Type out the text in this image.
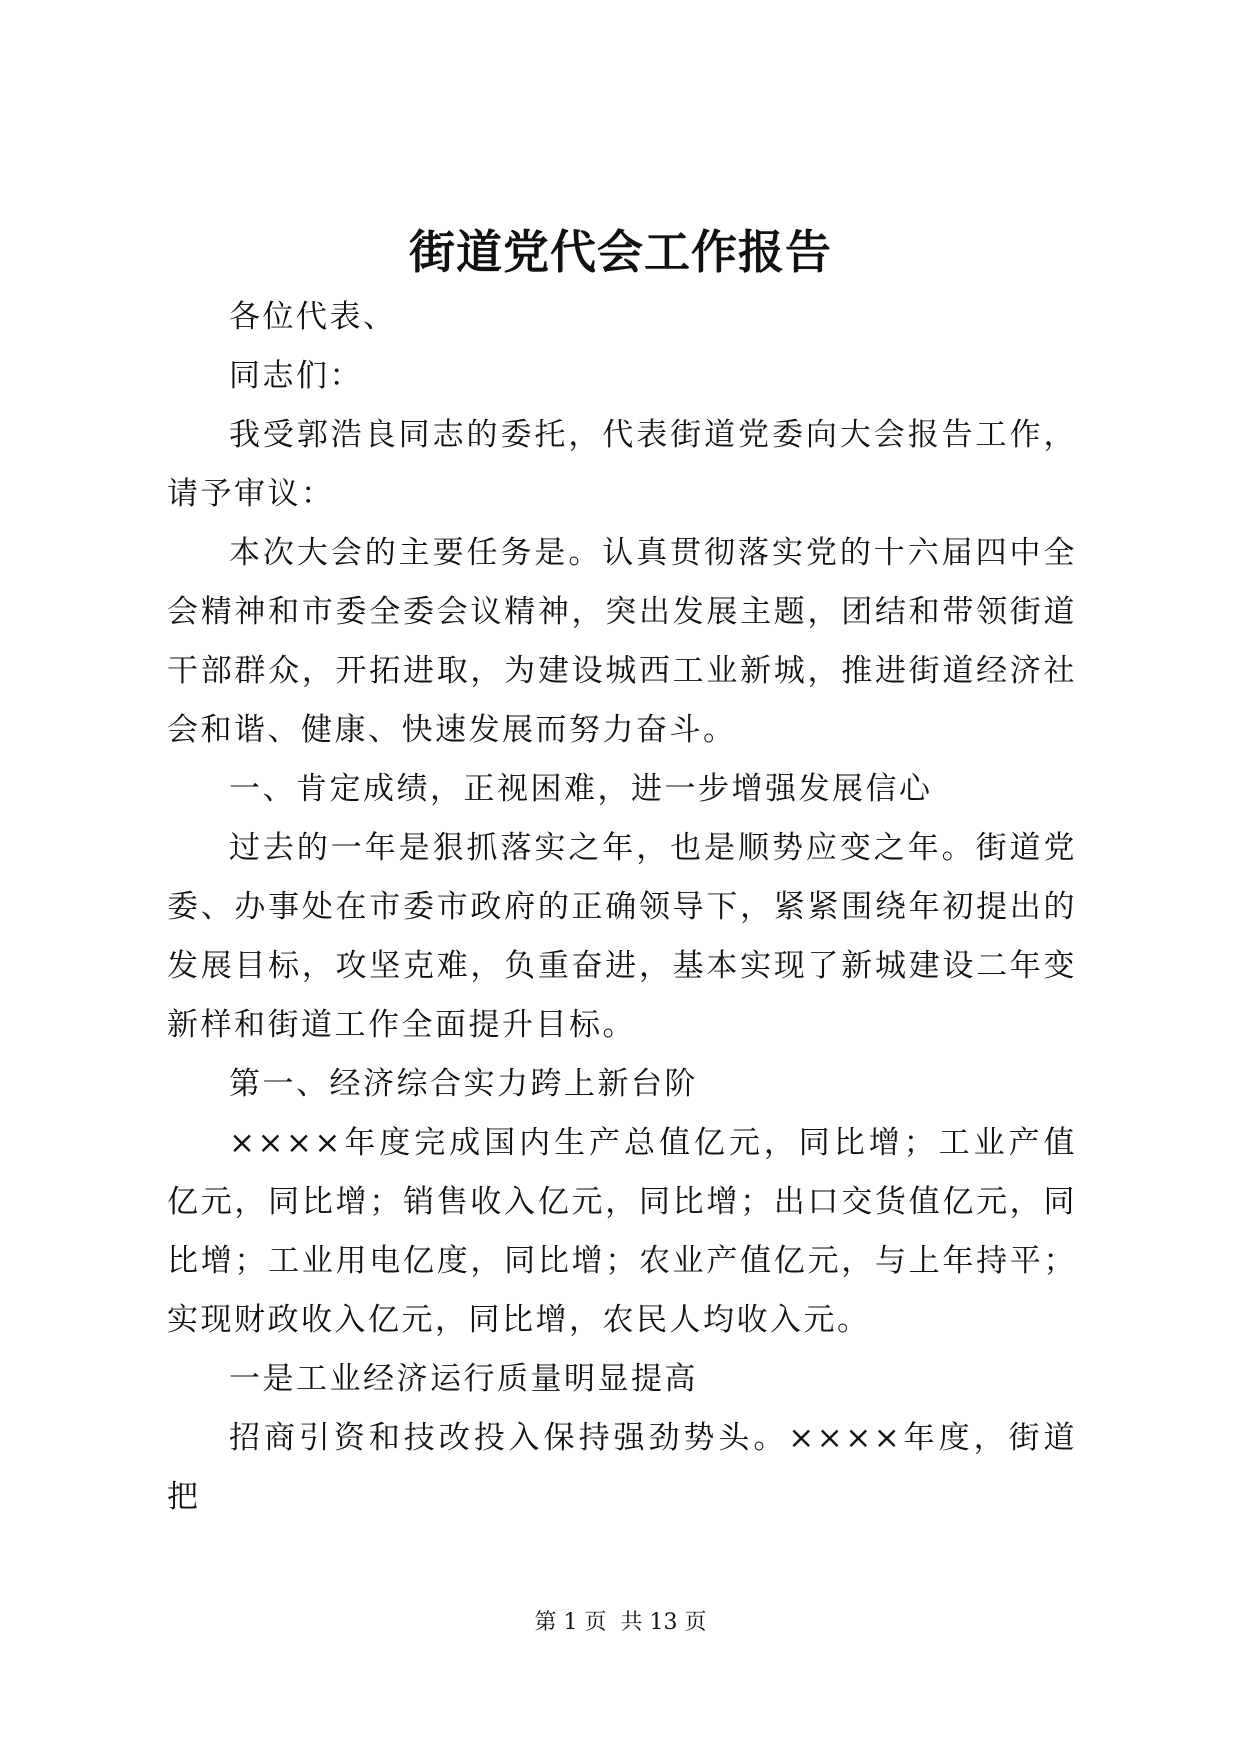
街道党代会工作报告

各位代表、

同志们：

我受郭浩良同志的委托，代表街道党委向大会报告工作，请予审议：

本次大会的主要任务是。认真贯彻落实党的十六届四中全会精神和市委全委会议精神，突出发展主题，团结和带领街道干部群众，开拓进取，为建设城西工业新城，推进街道经济社会和谐、健康、快速发展而努力奋斗。

一、肯定成绩，正视困难，进一步增强发展信心

过去的一年是狠抓落实之年，也是顺势应变之年。街道党委、办事处在市委市政府的正确领导下，紧紧围绕年初提出的发展目标，攻坚克难，负重奋进，基本实现了新城建设二年变新样和街道工作全面提升目标。

第一、经济综合实力跨上新台阶

××××年度完成国内生产总值亿元，同比增；工业产值亿元，同比增；销售收入亿元，同比增；出口交货值亿元，同比增；工业用电亿度，同比增；农业产值亿元，与上年持平；实现财政收入亿元，同比增，农民人均收入元。

一是工业经济运行质量明显提高

招商引资和技改投入保持强劲势头。××××年度，街道把

第 1 页  共 13 页
